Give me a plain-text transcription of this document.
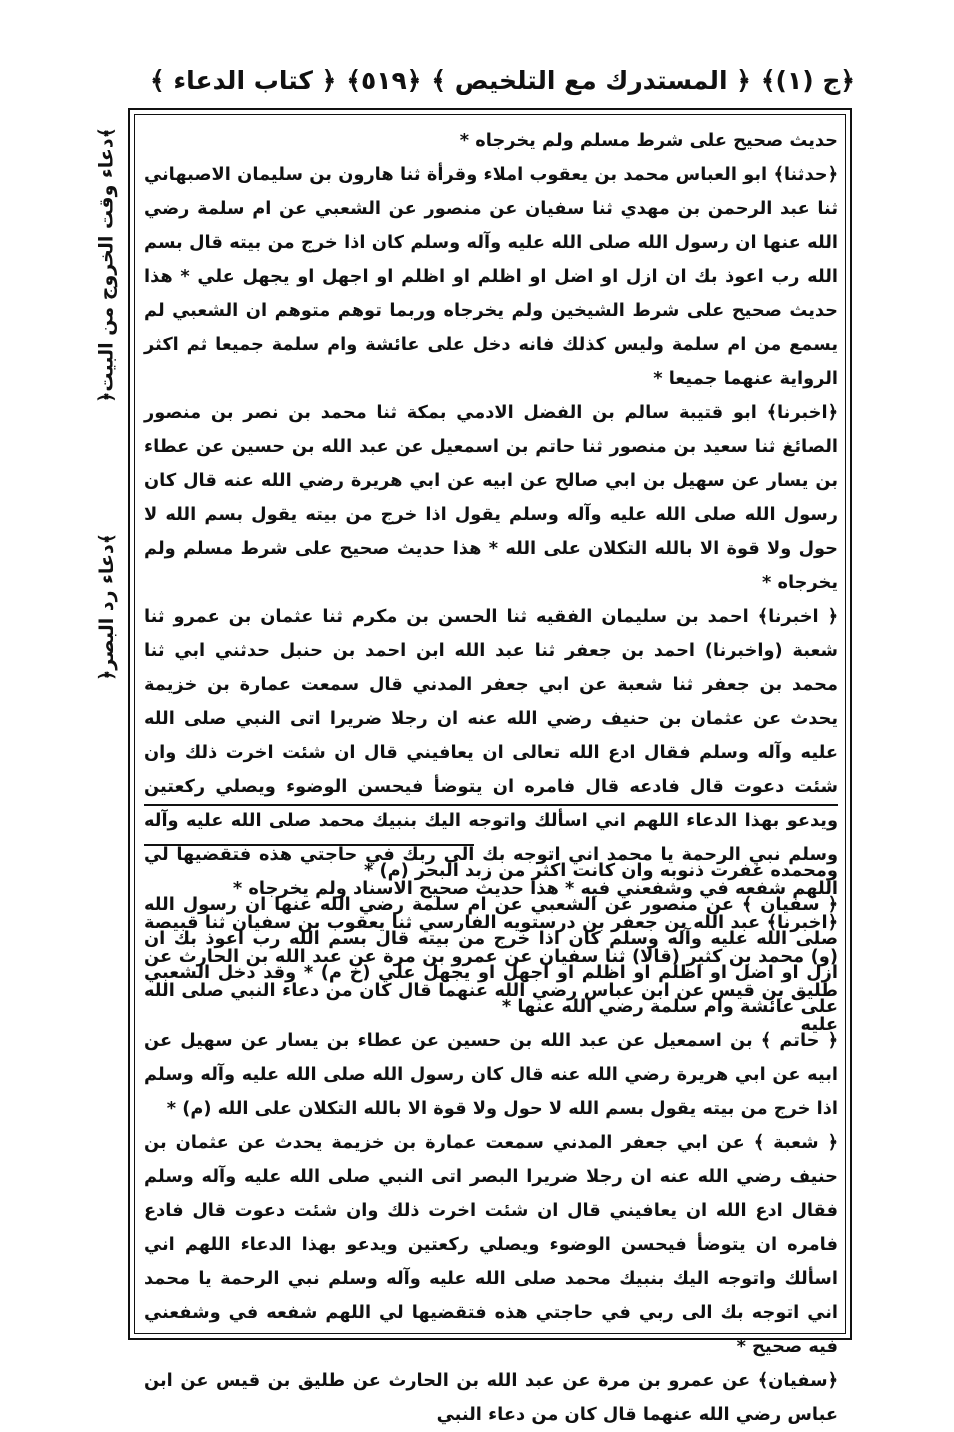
﴿ج (١)﴾
﴿ المستدرك مع التلخيص ﴾
﴿٥١٩﴾
﴿ كتاب الدعاء ﴾
﴿دعاء وقت الخروج من البيت﴾
﴿دعاء رد البصر﴾

حديث صحيح على شرط مسلم ولم يخرجاه *

﴿حدثنا﴾ ابو العباس محمد بن يعقوب املاء وقرأة ثنا هارون بن سليمان الاصبهاني ثنا عبد الرحمن بن مهدي ثنا سفيان عن منصور عن الشعبي عن ام سلمة رضي الله عنها ان رسول الله صلى الله عليه وآله وسلم كان اذا خرج من بيته قال بسم الله رب اعوذ بك ان ازل او اضل او اظلم او اظلم او اجهل او يجهل علي * هذا حديث صحيح على شرط الشيخين ولم يخرجاه وربما توهم متوهم ان الشعبي لم يسمع من ام سلمة وليس كذلك فانه دخل على عائشة وام سلمة جميعا ثم اكثر الرواية عنهما جميعا *

﴿اخبرنا﴾ ابو قتيبة سالم بن الفضل الادمي بمكة ثنا محمد بن نصر بن منصور الصائغ ثنا سعيد بن منصور ثنا حاتم بن اسمعيل عن عبد الله بن حسين عن عطاء بن يسار عن سهيل بن ابي صالح عن ابيه عن ابي هريرة رضي الله عنه قال كان رسول الله صلى الله عليه وآله وسلم يقول اذا خرج من بيته يقول بسم الله لا حول ولا قوة الا بالله التكلان على الله * هذا حديث صحيح على شرط مسلم ولم يخرجاه *

﴿ اخبرنا﴾ احمد بن سليمان الفقيه ثنا الحسن بن مكرم ثنا عثمان بن عمرو ثنا شعبة (واخبرنا) احمد بن جعفر ثنا عبد الله ابن احمد بن حنبل حدثني ابي ثنا محمد بن جعفر ثنا شعبة عن ابي جعفر المدني قال سمعت عمارة بن خزيمة يحدث عن عثمان بن حنيف رضي الله عنه ان رجلا ضريرا اتى النبي صلى الله عليه وآله وسلم فقال ادع الله تعالى ان يعافيني قال ان شئت اخرت ذلك وان شئت دعوت قال فادعه قال فامره ان يتوضأ فيحسن الوضوء ويصلي ركعتين ويدعو بهذا الدعاء اللهم اني اسألك واتوجه اليك بنبيك محمد صلى الله عليه وآله وسلم نبي الرحمة يا محمد اني اتوجه بك الى ربك في حاجتي هذه فتقضيها لي اللهم شفعه في وشفعني فيه * هذا حديث صحيح الاسناد ولم يخرجاه *

﴿اخبرنا﴾ عبد الله بن جعفر بن درستويه الفارسي ثنا يعقوب بن سفيان ثنا قبيصة (و) محمد بن كثير (قالا) ثنا سفيان عن عمرو بن مرة عن عبد الله بن الحارث عن طليق بن قيس عن ابن عباس رضي الله عنهما قال كان من دعاء النبي صلى الله عليه

ومحمده غفرت ذنوبه وان كانت اكثر من زبد البحر (م) *

﴿ سفيان ﴾ عن منصور عن الشعبي عن ام سلمة رضي الله عنها ان رسول الله صلى الله عليه وآله وسلم كان اذا خرج من بيته قال بسم الله رب اعوذ بك ان ازل او اضل او اظلم او اظلم او اجهل او يجهل علي (خ م) * وقد دخل الشعبي على عائشة وام سلمة رضي الله عنها *

﴿ حاتم ﴾ بن اسمعيل عن عبد الله بن حسين عن عطاء بن يسار عن سهيل عن ابيه عن ابي هريرة رضي الله عنه قال كان رسول الله صلى الله عليه وآله وسلم اذا خرج من بيته يقول بسم الله لا حول ولا قوة الا بالله التكلان على الله (م) *

﴿ شعبة ﴾ عن ابي جعفر المدني سمعت عمارة بن خزيمة يحدث عن عثمان بن حنيف رضي الله عنه ان رجلا ضريرا البصر اتى النبي صلى الله عليه وآله وسلم فقال ادع الله ان يعافيني قال ان شئت اخرت ذلك وان شئت دعوت قال فادع فامره ان يتوضأ فيحسن الوضوء ويصلي ركعتين ويدعو بهذا الدعاء اللهم اني اسألك واتوجه اليك بنبيك محمد صلى الله عليه وآله وسلم نبي الرحمة يا محمد اني اتوجه بك الى ربي في حاجتي هذه فتقضيها لي اللهم شفعه في وشفعني فيه صحيح *

﴿سفيان﴾ عن عمرو بن مرة عن عبد الله بن الحارث عن طليق بن قيس عن ابن عباس رضي الله عنهما قال كان من دعاء النبي
